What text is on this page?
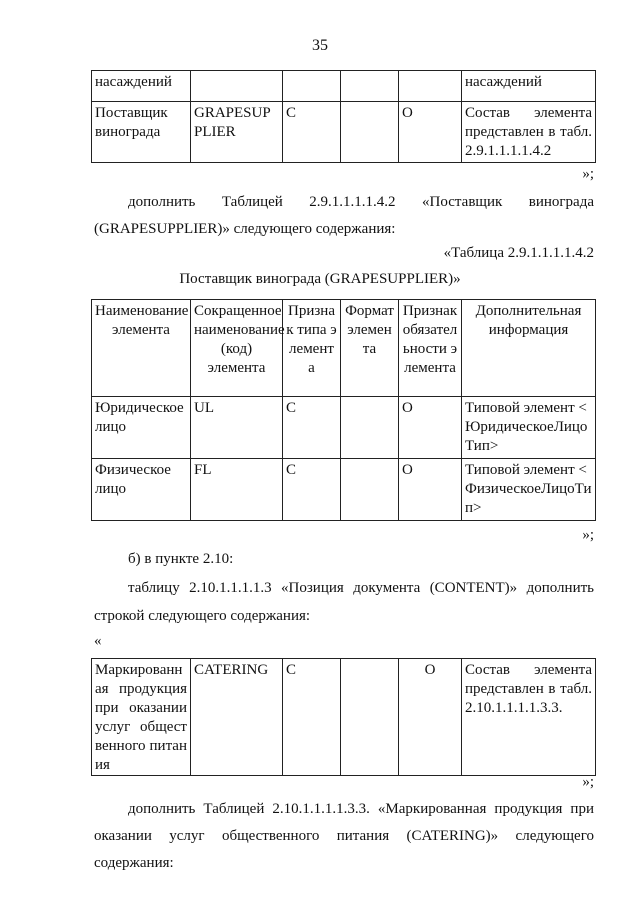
35
насаждений					насаждений
Поставщик винограда	GRAPESUPPLIER	С		О	Состав элемента представлен в табл. 2.9.1.1.1.1.4.2
»;
дополнить Таблицей 2.9.1.1.1.1.4.2 «Поставщик винограда
(GRAPESUPPLIER)» следующего содержания:
«Таблица 2.9.1.1.1.1.4.2
Поставщик винограда (GRAPESUPPLIER)»
Наименование элемента	Сокращенное наименование (код) элемента	Признак типа элемента	Формат элемента	Признак обязательности элемента	Дополнительная информация
Юридическое лицо	UL	С		О	Типовой элемент <ЮридическоеЛицоТип>
Физическое лицо	FL	С		О	Типовой элемент <ФизическоеЛицоТип>
»;
б) в пункте 2.10:
таблицу 2.10.1.1.1.1.3 «Позиция документа (CONTENT)» дополнить
строкой следующего содержания:
«
Маркированная продукция при оказании услуг общественного питания	CATERING	С		О	Состав элемента представлен в табл. 2.10.1.1.1.1.3.3.
»;
дополнить Таблицей 2.10.1.1.1.1.3.3. «Маркированная продукция при
оказании услуг общественного питания (CATERING)» следующего
содержания:
